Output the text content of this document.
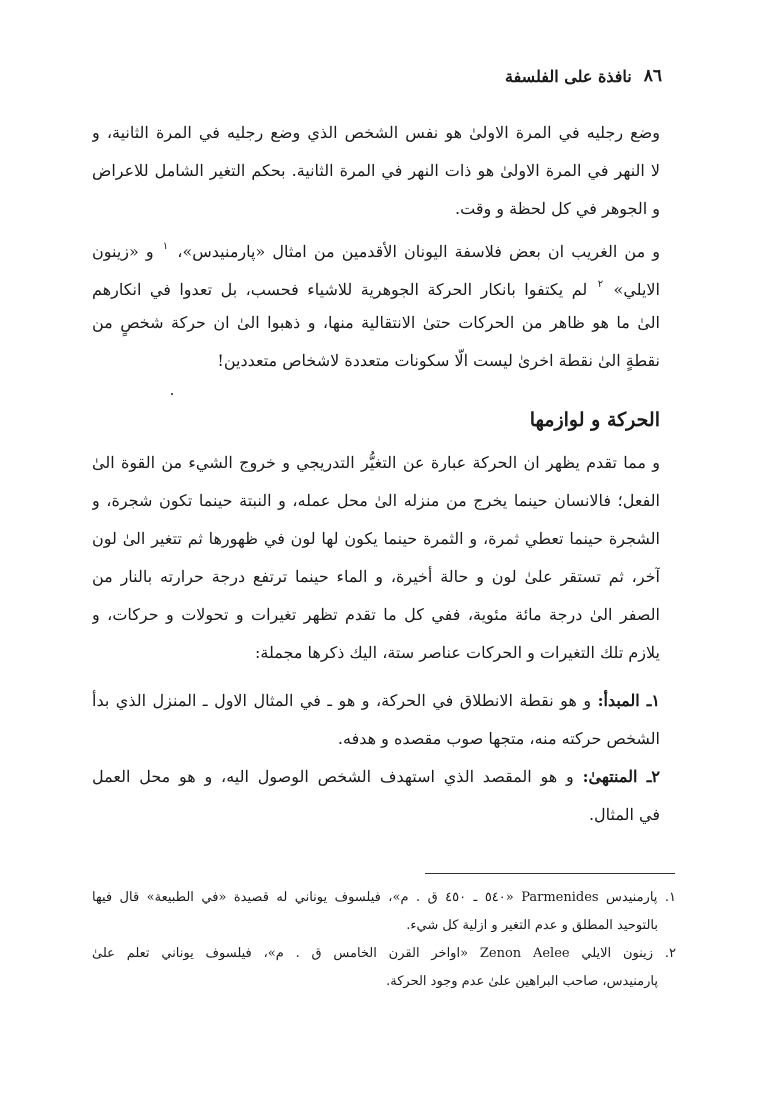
٨٦
نافذة على الفلسفة
وضع رجليه في المرة الاولىٰ هو نفس الشخص الذي وضع رجليه في المرة الثانية، و
لا النهر في المرة الاولىٰ هو ذات النهر في المرة الثانية. بحكم التغير الشامل للاعراض
و الجوهر في كل لحظة و وقت.
و من الغريب ان بعض فلاسفة اليونان الأقدمين من امثال «پارمنيدس»، $^١$ و «زينون
الايلي» $^٢$ لم يكتفوا بانكار الحركة الجوهرية للاشياء فحسب، بل تعدوا في انكارهم
الىٰ ما هو ظاهر من الحركات حتىٰ الانتقالية منها، و ذهبوا الىٰ ان حركة شخصٍ من
نقطةٍ الىٰ نقطة اخرىٰ ليست الّا سكونات متعددة لاشخاص متعددين!
الحركة و لوازمها
و مما تقدم يظهر ان الحركة عبارة عن التغيُّر التدريجي و خروج الشيء من القوة الىٰ
الفعل؛ فالانسان حينما يخرج من منزله الىٰ محل عمله، و النبتة حينما تكون شجرة، و
الشجرة حينما تعطي ثمرة، و الثمرة حينما يكون لها لون في ظهورها ثم تتغير الىٰ لون
آخر، ثم تستقر علىٰ لون و حالة أخيرة، و الماء حينما ترتفع درجة حرارته بالنار من
الصفر الىٰ درجة مائة مئوية، ففي كل ما تقدم تظهر تغيرات و تحولات و حركات، و
يلازم تلك التغيرات و الحركات عناصر ستة، اليك ذكرها مجملة:
١ـ المبدأ: و هو نقطة الانطلاق في الحركة، و هو ـ في المثال الاول ـ المنزل الذي بدأ
الشخص حركته منه، متجها صوب مقصده و هدفه.
٢ـ المنتهىٰ: و هو المقصد الذي استهدف الشخص الوصول اليه، و هو محل العمل
في المثال.
١. پارمنيدس Parmenides «٥٤٠ ـ ٤٥٠ ق . م»، فيلسوف يوناني له قصيدة «في الطبيعة» قال فيها
بالتوحيد المطلق و عدم التغير و ازلية كل شيء.
٢. زينون الايلي Zenon Aelee «اواخر القرن الخامس ق . م»، فيلسوف يوناني تعلم علىٰ
پارمنيدس، صاحب البراهين علىٰ عدم وجود الحركة.
